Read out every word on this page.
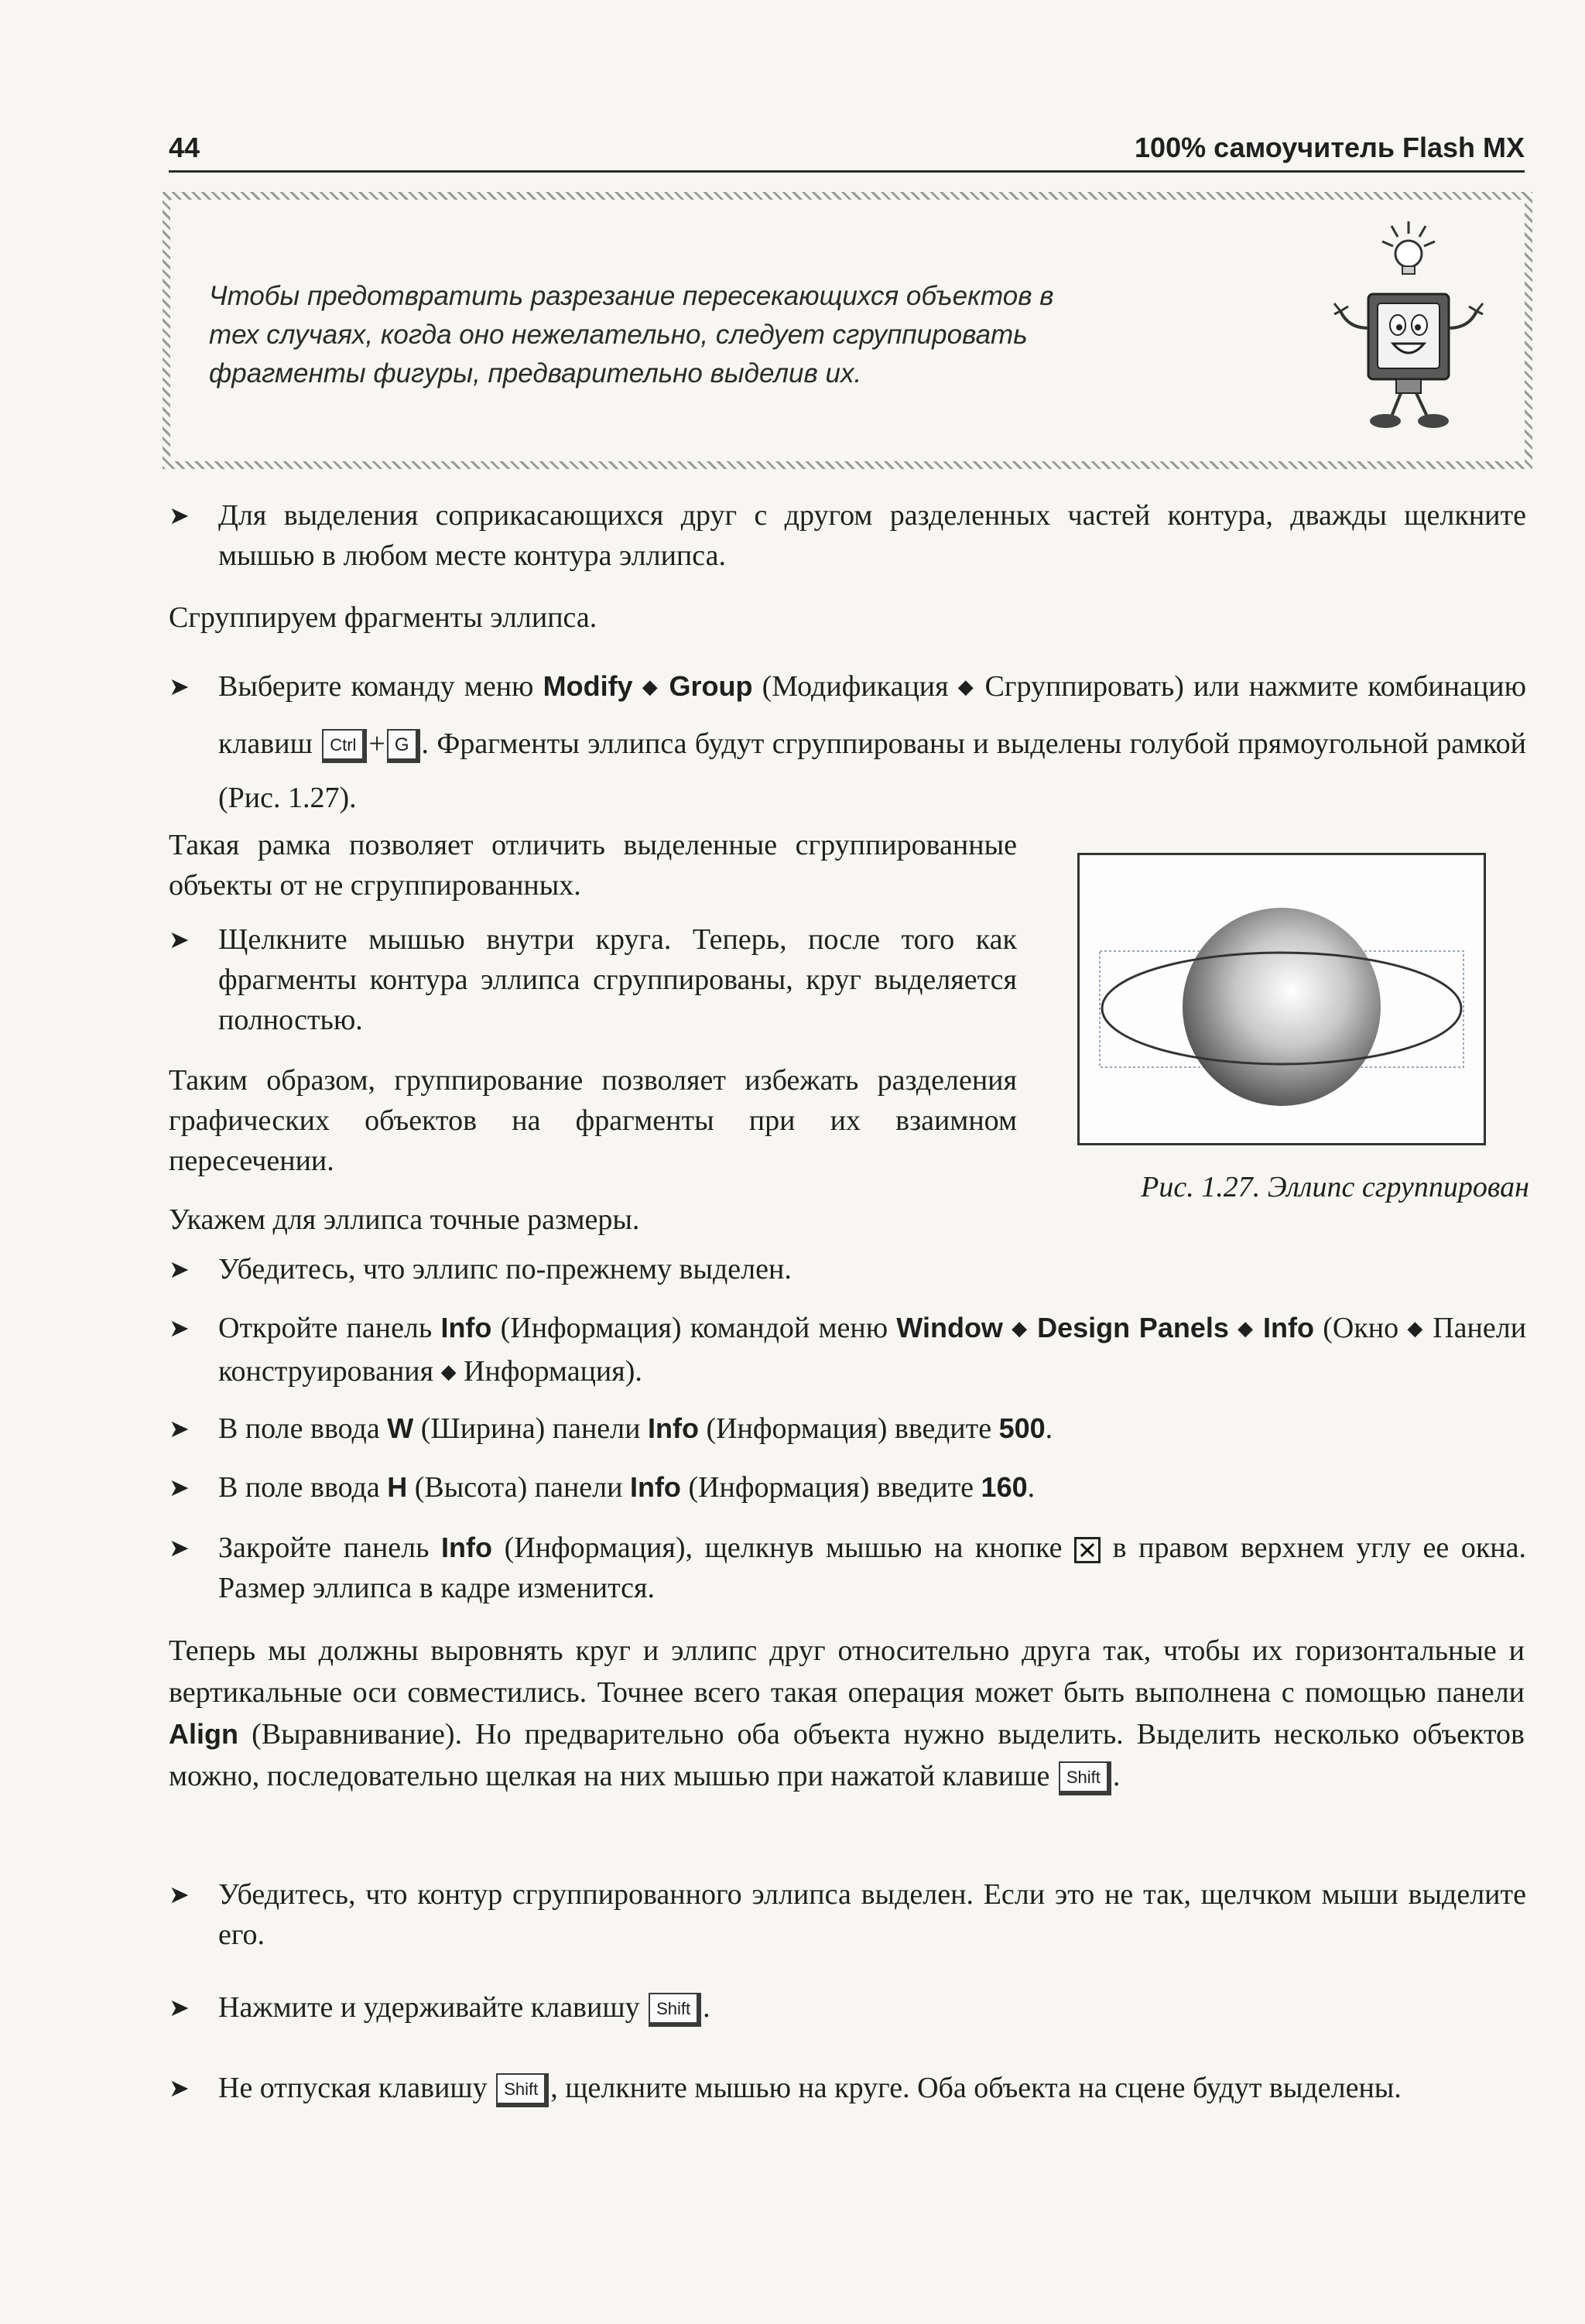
44	100% самоучитель Flash MX
Чтобы предотвратить разрезание пересекающихся объектов в
тех случаях, когда оно нежелательно, следует сгруппировать
фрагменты фигуры, предварительно выделив их.
➤ Для выделения соприкасающихся друг с другом разделенных частей контура, дважды щелкните мышью в любом месте контура эллипса.
Сгруппируем фрагменты эллипса.
➤ Выберите команду меню Modify ◆ Group (Модификация ◆ Сгруппировать) или нажмите комбинацию клавиш Ctrl + G . Фрагменты эллипса будут сгруппированы и выделены голубой прямоугольной рамкой (Рис. 1.27).
Такая рамка позволяет отличить выделенные сгруппированные объекты от не сгруппированных.
➤ Щелкните мышью внутри круга. Теперь, после того как фрагменты контура эллипса сгруппированы, круг выделяется полностью.
Таким образом, группирование позволяет избежать разделения графических объектов на фрагменты при их взаимном пересечении.
Рис. 1.27. Эллипс сгруппирован
Укажем для эллипса точные размеры.
➤ Убедитесь, что эллипс по-прежнему выделен.
➤ Откройте панель Info (Информация) командой меню Window ◆ Design Panels ◆ Info (Окно ◆ Панели конструирования ◆ Информация).
➤ В поле ввода W (Ширина) панели Info (Информация) введите 500.
➤ В поле ввода H (Высота) панели Info (Информация) введите 160.
➤ Закройте панель Info (Информация), щелкнув мышью на кнопке
в правом верхнем углу ее окна. Размер эллипса в кадре изменится.
Теперь мы должны выровнять круг и эллипс друг относительно друга так, чтобы их горизонтальные и вертикальные оси совместились. Точнее всего такая операция может быть выполнена с помощью панели Align (Выравнивание). Но предварительно оба объекта нужно выделить. Выделить несколько объектов можно, последовательно щелкая на них мышью при нажатой клавише Shift .
➤ Убедитесь, что контур сгруппированного эллипса выделен. Если это не так, щелчком мыши выделите его.
➤ Нажмите и удерживайте клавишу Shift .
➤ Не отпуская клавишу Shift , щелкните мышью на круге. Оба объекта на сцене будут выделены.
